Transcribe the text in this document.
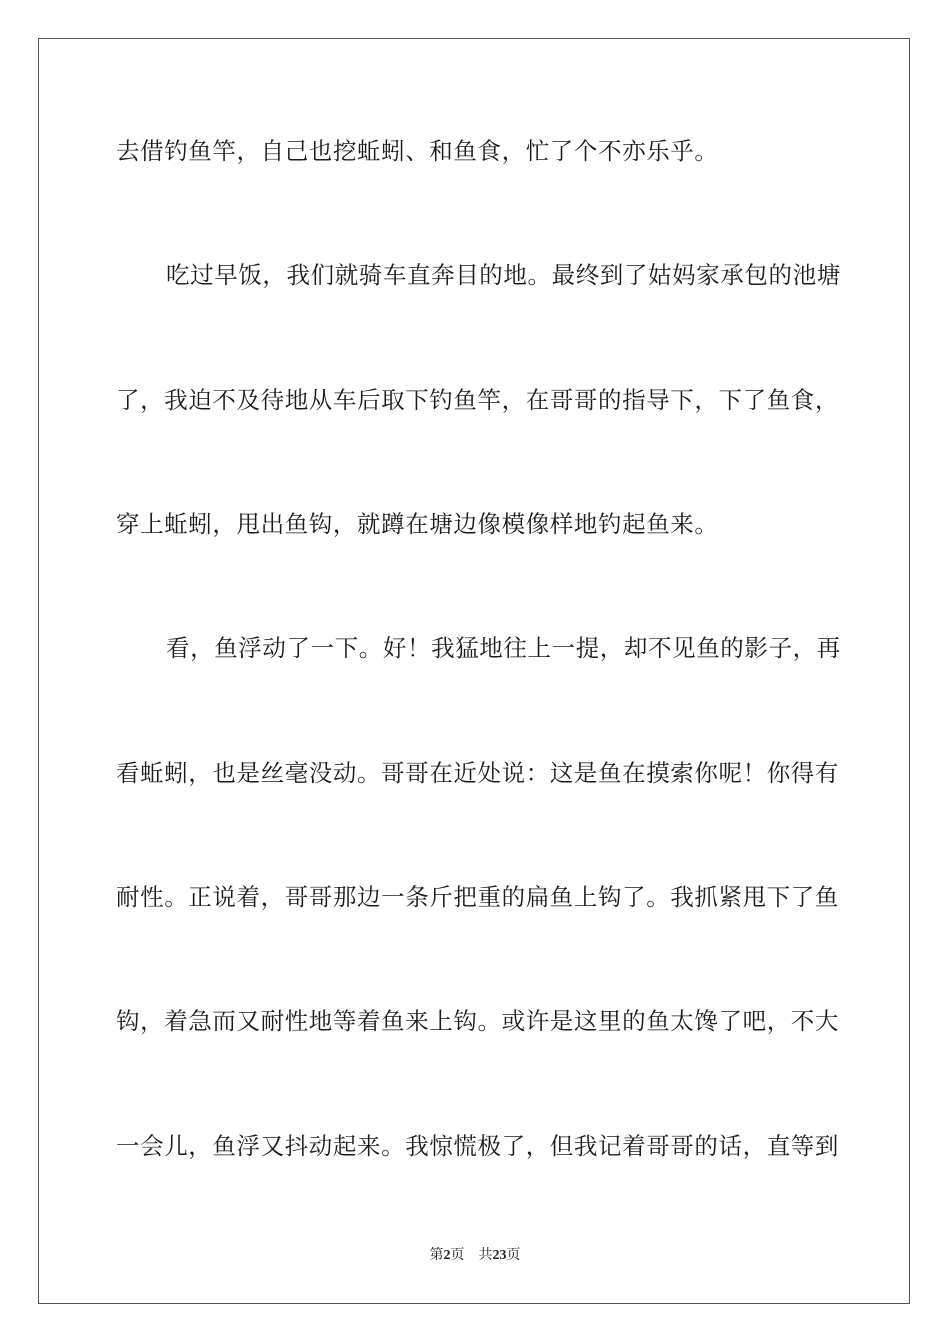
去借钓鱼竿，自己也挖蚯蚓、和鱼食，忙了个不亦乐乎。
吃过早饭，我们就骑车直奔目的地。最终到了姑妈家承包的池塘
了，我迫不及待地从车后取下钓鱼竿，在哥哥的指导下，下了鱼食，
穿上蚯蚓，甩出鱼钩，就蹲在塘边像模像样地钓起鱼来。
看，鱼浮动了一下。好！我猛地往上一提，却不见鱼的影子，再
看蚯蚓，也是丝毫没动。哥哥在近处说：这是鱼在摸索你呢！你得有
耐性。正说着，哥哥那边一条斤把重的扁鱼上钩了。我抓紧甩下了鱼
钩，着急而又耐性地等着鱼来上钩。或许是这里的鱼太馋了吧，不大
一会儿，鱼浮又抖动起来。我惊慌极了，但我记着哥哥的话，直等到
第2页 共23页
